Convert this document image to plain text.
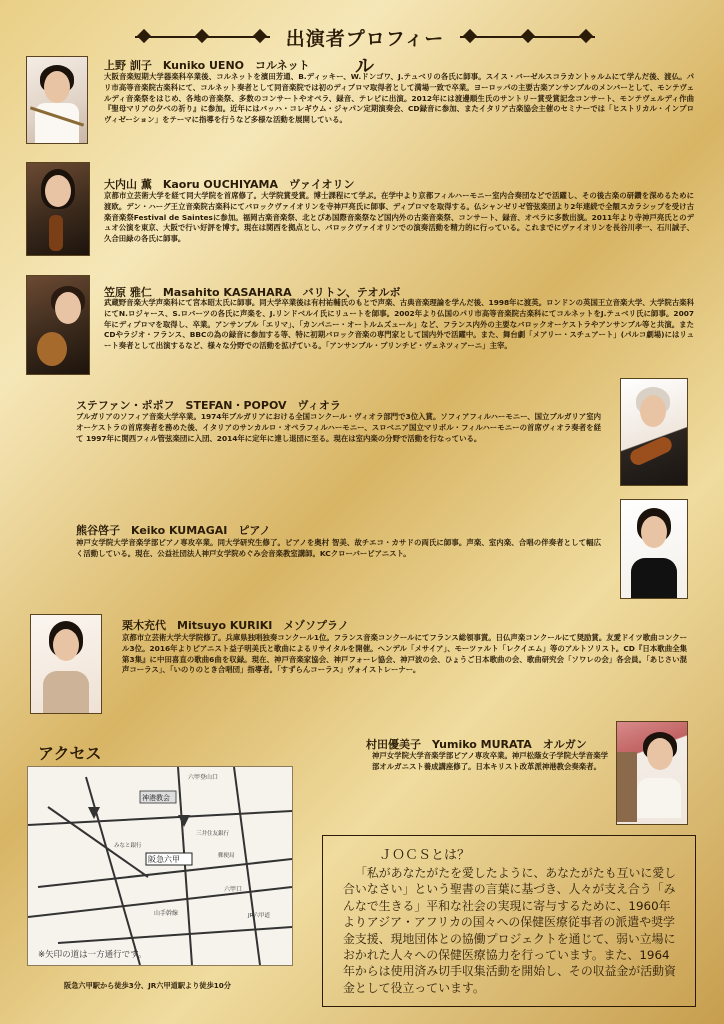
出演者プロフィール
上野 訓子　Kuniko UENO　コルネット
大阪音楽短期大学器楽科卒業後、コルネットを濱田芳通、B.ディッキー、W.ドンゴワ、J.テュベリの各氏に師事。スイス・バーゼルスコラカントゥルムにて学んだ後、渡仏。パリ市高等音楽院古楽科にて、コルネット奏者として同音楽院では初のディプロマ取得者として満場一致で卒業。ヨーロッパの主要古楽アンサンブルのメンバーとして、モンテヴェルディ音楽祭をはじめ、各地の音楽祭、多数のコンサートやオペラ、録音、テレビに出演。2012年には渡邊順生氏のサントリー賞受賞記念コンサート、モンテヴェルディ作曲『聖母マリアの夕べの祈り』に参加。近年にはバッハ・コレギウム・ジャパン定期演奏会、CD録音に参加、またイタリア古楽協会主催のセミナーでは「ヒストリカル・インプロヴィゼーション」をテーマに指導を行うなど多様な活動を展開している。
大内山 薫　Kaoru OUCHIYAMA　ヴァイオリン
京都市立芸術大学を経て同大学院を首席修了。大学院賞受賞。博士課程にて学ぶ。在学中より京都フィルハーモニー室内合奏団などで活躍し、その後古楽の研鑽を深めるために渡欧。デン・ハーグ王立音楽院古楽科にてバロックヴァイオリンを寺神戸亮氏に師事、ディプロマを取得する。仏シャンゼリゼ管弦楽団より2年連続で全額スカラシップを受け古楽音楽祭Festival de Saintesに参加。福岡古楽音楽祭、北とぴあ国際音楽祭など国内外の古楽音楽祭、コンサート、録音、オペラに多数出演。2011年より寺神戸亮氏とのデュオ公演を東京、大阪で行い好評を博す。現在は関西を拠点とし、バロックヴァイオリンでの演奏活動を精力的に行っている。これまでにヴァイオリンを長谷川孝一、石川誠子、久合田緑の各氏に師事。
笠原 雅仁　Masahito KASAHARA　バリトン、テオルボ
武蔵野音楽大学声楽科にて宮本昭太氏に師事。同大学卒業後は有村祐輔氏のもとで声楽、古典音楽理論を学んだ後、1998年に渡英。ロンドンの英国王立音楽大学、大学院古楽科にてN.ロジャース、S.ロバーツの各氏に声楽を、J.リンドベルイ氏にリュートを師事。2002年より仏国のパリ市高等音楽院古楽科にてコルネットをJ.テュベリ氏に師事。2007年にディプロマを取得し、卒業。アンサンブル「エリマ」、「カンパニー・オートルムズュール」など、フランス内外の主要なバロックオーケストラやアンサンブル等と共演。またCDやラジオ・フランス、BBCの為の録音に参加する等、特に初期バロック音楽の専門家として国内外で活躍中。また、舞台劇「メアリー・スチュアート」(パルコ劇場)にはリュート奏者として出演するなど、様々な分野での活動を拡げている。「アンサンブル・プリンチピ・ヴェネツィアーニ」主宰。
ステファン・ポポフ　STEFAN・POPOV　ヴィオラ
ブルガリアのソフィア音楽大学卒業。1974年ブルガリアにおける全国コンクール・ヴィオラ部門で3位入賞。ソフィアフィルハーモニー、国立ブルガリア室内オーケストラの首席奏者を務めた後、イタリアのサンカルロ・オペラフィルハーモニー、スロベニア国立マリボル・フィルハーモニーの首席ヴィオラ奏者を経て 1997年に関西フィル管弦楽団に入団、2014年に定年に達し退団に至る。現在は室内楽の分野で活動を行なっている。
熊谷啓子　Keiko KUMAGAI　ピアノ
神戸女学院大学音楽学部ピアノ専攻卒業。同大学研究生修了。ピアノを奥村 智美、故チエコ・カサドの両氏に師事。声楽、室内楽、合唱の伴奏者として幅広く活動している。現在、公益社団法人神戸女学院めぐみ会音楽教室講師。KCクローバーピアニスト。
栗木充代　Mitsuyo KURIKI　メゾソプラノ
京都市立芸術大学大学院修了。兵庫県独唱独奏コンクール1位。フランス音楽コンクールにてフランス総領事賞。日仏声楽コンクールにて奨励賞。友愛ドイツ歌曲コンクール3位。2016年よりピアニスト益子明美氏と歌曲によるリサイタルを開催。ヘンデル「メサイア」、モーツァルト「レクイエム」等のアルトソリスト。CD『日本歌曲全集第3集』に中田喜直の歌曲6曲を収録。現在、神戸音楽家協会、神戸フォーレ協会、神戸波の会、ひょうご日本歌曲の会、歌曲研究会「ソワレの会」各会員。「あじさい混声コーラス」、「いのりのとき合唱団」指導者。「すずらんコーラス」ヴォイストレーナー。
村田優美子　Yumiko MURATA　オルガン
神戸女学院大学音楽学部ピアノ専攻卒業。神戸松蔭女子学院大学音楽学部オルガニスト養成講座修了。日本キリスト改革派神港教会奏楽者。
アクセス
阪急六甲
神港教会
六甲登山口
山手幹線
六甲口
三井住友銀行
みなと銀行
郵便局
JR六甲道
※矢印の道は一方通行です。
阪急六甲駅から徒歩3分、JR六甲道駅より徒歩10分
ＪＯＣＳとは？
「私があなたがたを愛したように、あなたがたも互いに愛し合いなさい」という聖書の言葉に基づき、人々が支え合う「みんなで生きる」平和な社会の実現に寄与するために、1960年よりアジア・アフリカの国々への保健医療従事者の派遣や奨学金支援、現地団体との協働プロジェクトを通じて、弱い立場におかれた人々への保健医療協力を行っています。また、1964年からは使用済み切手収集活動を開始し、その収益金が活動資金として役立っています。
